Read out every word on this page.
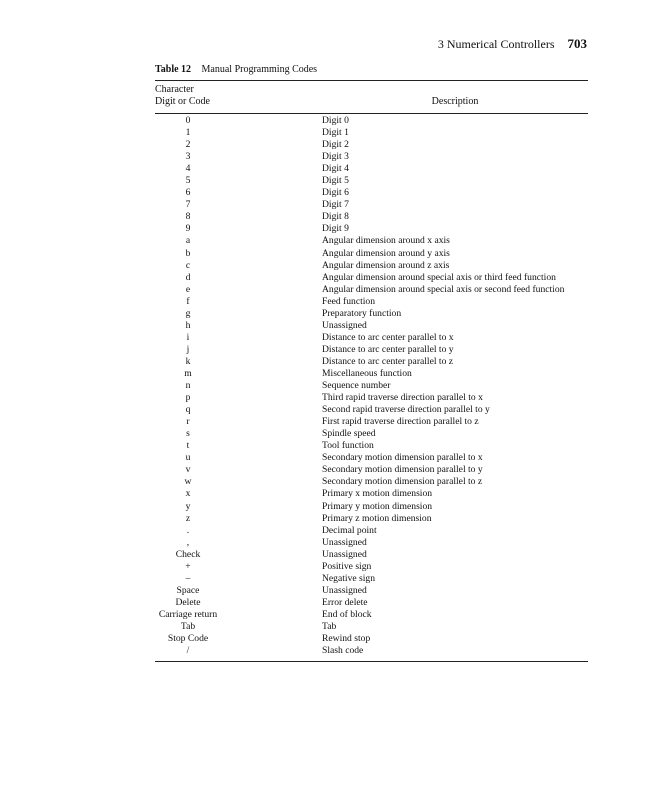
3 Numerical Controllers 703
Table 12 Manual Programming Codes
Character
Digit or Code	Description
0	Digit 0
1	Digit 1
2	Digit 2
3	Digit 3
4	Digit 4
5	Digit 5
6	Digit 6
7	Digit 7
8	Digit 8
9	Digit 9
a	Angular dimension around x axis
b	Angular dimension around y axis
c	Angular dimension around z axis
d	Angular dimension around special axis or third feed function
e	Angular dimension around special axis or second feed function
f	Feed function
g	Preparatory function
h	Unassigned
i	Distance to arc center parallel to x
j	Distance to arc center parallel to y
k	Distance to arc center parallel to z
m	Miscellaneous function
n	Sequence number
p	Third rapid traverse direction parallel to x
q	Second rapid traverse direction parallel to y
r	First rapid traverse direction parallel to z
s	Spindle speed
t	Tool function
u	Secondary motion dimension parallel to x
v	Secondary motion dimension parallel to y
w	Secondary motion dimension parallel to z
x	Primary x motion dimension
y	Primary y motion dimension
z	Primary z motion dimension
.	Decimal point
,	Unassigned
Check	Unassigned
+	Positive sign
–	Negative sign
Space	Unassigned
Delete	Error delete
Carriage return	End of block
Tab	Tab
Stop Code	Rewind stop
/	Slash code
